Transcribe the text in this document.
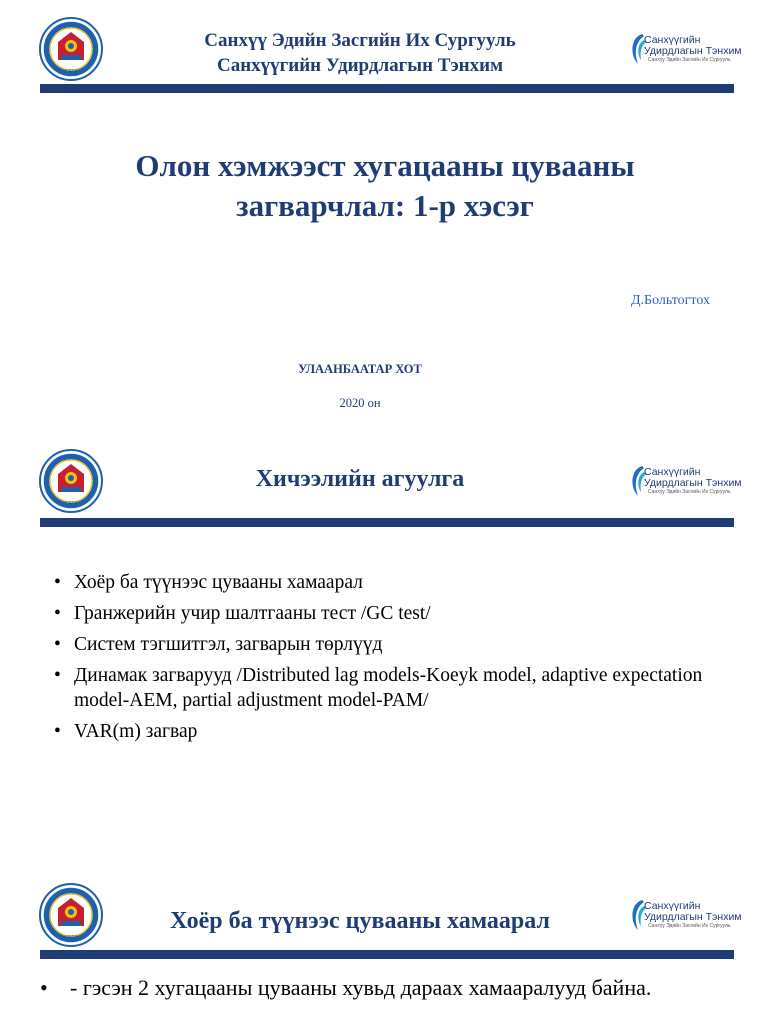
1924
Санхүү Эдийн Засгийн Их Сургууль
Санхүүгийн Удирдлагын Тэнхим
Санхүүгийн
Удирдлагын Тэнхим
Санхүү Эдийн Засгийн Их Сургууль
Олон хэмжээст хугацааны цувааны
загварчлал: 1-р хэсэг
Д.Больтогтох
УЛААНБААТАР ХОТ
2020 он
1924
Хичээлийн агуулга	Санхүүгийн
Удирдлагын Тэнхим
Санхүү Эдийн Засгийн Их Сургууль
• Хоёр ба түүнээс цувааны хамаарал
• Гранжерийн учир шалтгааны тест /GC test/
• Систем тэгшитгэл, загварын төрлүүд
• Динамак загварууд /Distributed lag models-Koeyk model, adaptive expectation model-AEM, partial adjustment model-PAM/
• VAR(m) загвар
1924
Хоёр ба түүнээс цувааны хамаарал
Санхүүгийн
Удирдлагын Тэнхим
Санхүү Эдийн Засгийн Их Сургууль
•	- гэсэн 2 хугацааны цувааны хувьд дараах хамааралууд байна.
